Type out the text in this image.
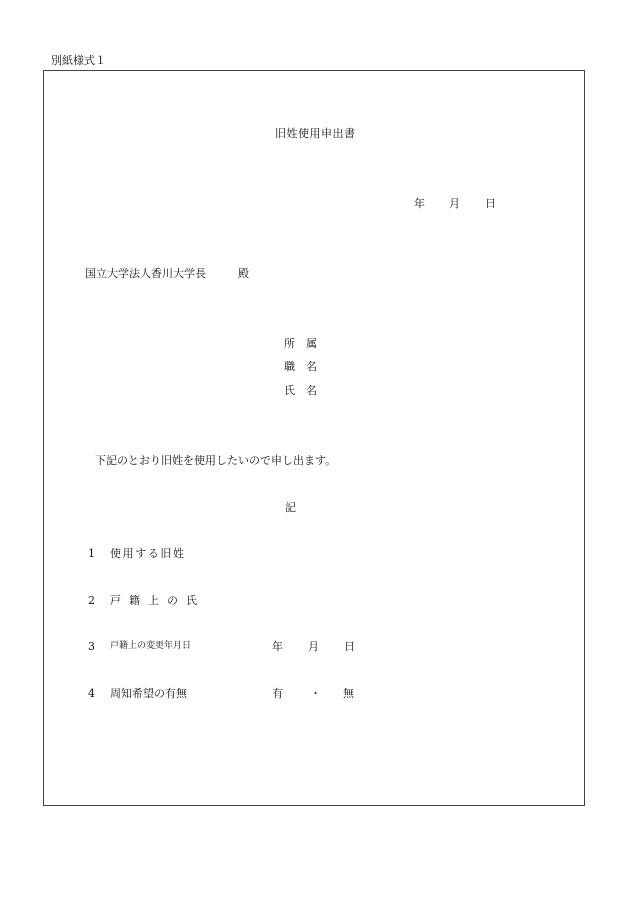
別紙様式１
旧姓使用申出書
年 月 日
国立大学法人香川大学長	殿
所属
職名
氏名
下記のとおり旧姓を使用したいので申し出ます。
記
1 使用する旧姓
2 戸籍上の氏
3 戸籍上の変更年月日	年 月 日
4 周知希望の有無	有 ・ 無
